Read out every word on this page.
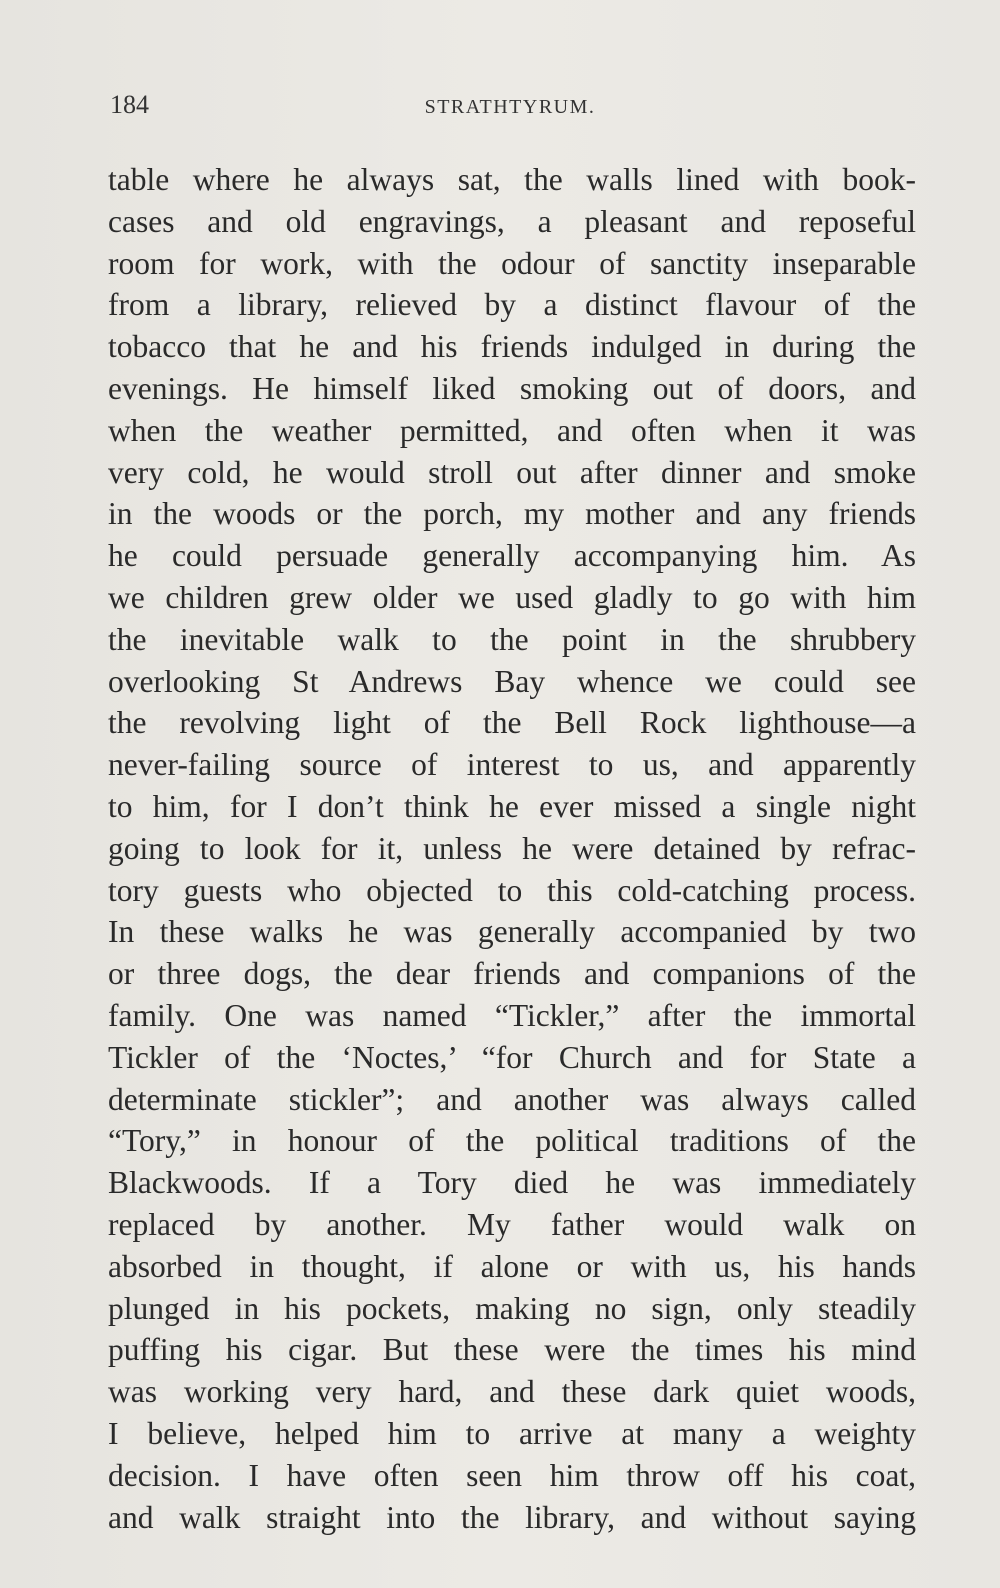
184	STRATHTYRUM.
table where he always sat, the walls lined with book-
cases and old engravings, a pleasant and reposeful
room for work, with the odour of sanctity inseparable
from a library, relieved by a distinct flavour of the
tobacco that he and his friends indulged in during the
evenings. He himself liked smoking out of doors, and
when the weather permitted, and often when it was
very cold, he would stroll out after dinner and smoke
in the woods or the porch, my mother and any friends
he could persuade generally accompanying him. As
we children grew older we used gladly to go with him
the inevitable walk to the point in the shrubbery
overlooking St Andrews Bay whence we could see
the revolving light of the Bell Rock lighthouse—a
never-failing source of interest to us, and apparently
to him, for I don’t think he ever missed a single night
going to look for it, unless he were detained by refrac-
tory guests who objected to this cold-catching process.
In these walks he was generally accompanied by two
or three dogs, the dear friends and companions of the
family. One was named “Tickler,” after the immortal
Tickler of the ‘Noctes,’ “for Church and for State a
determinate stickler”; and another was always called
“Tory,” in honour of the political traditions of the
Blackwoods. If a Tory died he was immediately
replaced by another. My father would walk on
absorbed in thought, if alone or with us, his hands
plunged in his pockets, making no sign, only steadily
puffing his cigar. But these were the times his mind
was working very hard, and these dark quiet woods,
I believe, helped him to arrive at many a weighty
decision. I have often seen him throw off his coat,
and walk straight into the library, and without saying
